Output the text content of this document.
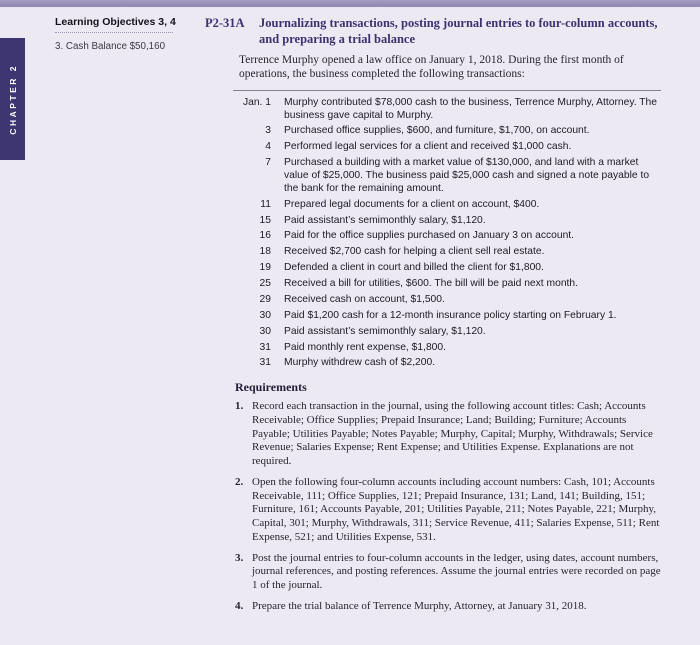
CHAPTER 2
Learning Objectives 3, 4
3. Cash Balance $50,160
P2-31A	Journalizing transactions, posting journal entries to four-column accounts, and preparing a trial balance

Terrence Murphy opened a law office on January 1, 2018. During the first month of operations, the business completed the following transactions:

Jan. 1	Murphy contributed $78,000 cash to the business, Terrence Murphy, Attorney. The business gave capital to Murphy.
3	Purchased office supplies, $600, and furniture, $1,700, on account.
4	Performed legal services for a client and received $1,000 cash.
7	Purchased a building with a market value of $130,000, and land with a market value of $25,000. The business paid $25,000 cash and signed a note payable to the bank for the remaining amount.
11	Prepared legal documents for a client on account, $400.
15	Paid assistant’s semimonthly salary, $1,120.
16	Paid for the office supplies purchased on January 3 on account.
18	Received $2,700 cash for helping a client sell real estate.
19	Defended a client in court and billed the client for $1,800.
25	Received a bill for utilities, $600. The bill will be paid next month.
29	Received cash on account, $1,500.
30	Paid $1,200 cash for a 12-month insurance policy starting on February 1.
30	Paid assistant’s semimonthly salary, $1,120.
31	Paid monthly rent expense, $1,800.
31	Murphy withdrew cash of $2,200.
Requirements
1. Record each transaction in the journal, using the following account titles: Cash; Accounts Receivable; Office Supplies; Prepaid Insurance; Land; Building; Furniture; Accounts Payable; Utilities Payable; Notes Payable; Murphy, Capital; Murphy, Withdrawals; Service Revenue; Salaries Expense; Rent Expense; and Utilities Expense. Explanations are not required.
2. Open the following four-column accounts including account numbers: Cash, 101; Accounts Receivable, 111; Office Supplies, 121; Prepaid Insurance, 131; Land, 141; Building, 151; Furniture, 161; Accounts Payable, 201; Utilities Payable, 211; Notes Payable, 221; Murphy, Capital, 301; Murphy, Withdrawals, 311; Service Revenue, 411; Salaries Expense, 511; Rent Expense, 521; and Utilities Expense, 531.
3. Post the journal entries to four-column accounts in the ledger, using dates, account numbers, journal references, and posting references. Assume the journal entries were recorded on page 1 of the journal.
4. Prepare the trial balance of Terrence Murphy, Attorney, at January 31, 2018.
